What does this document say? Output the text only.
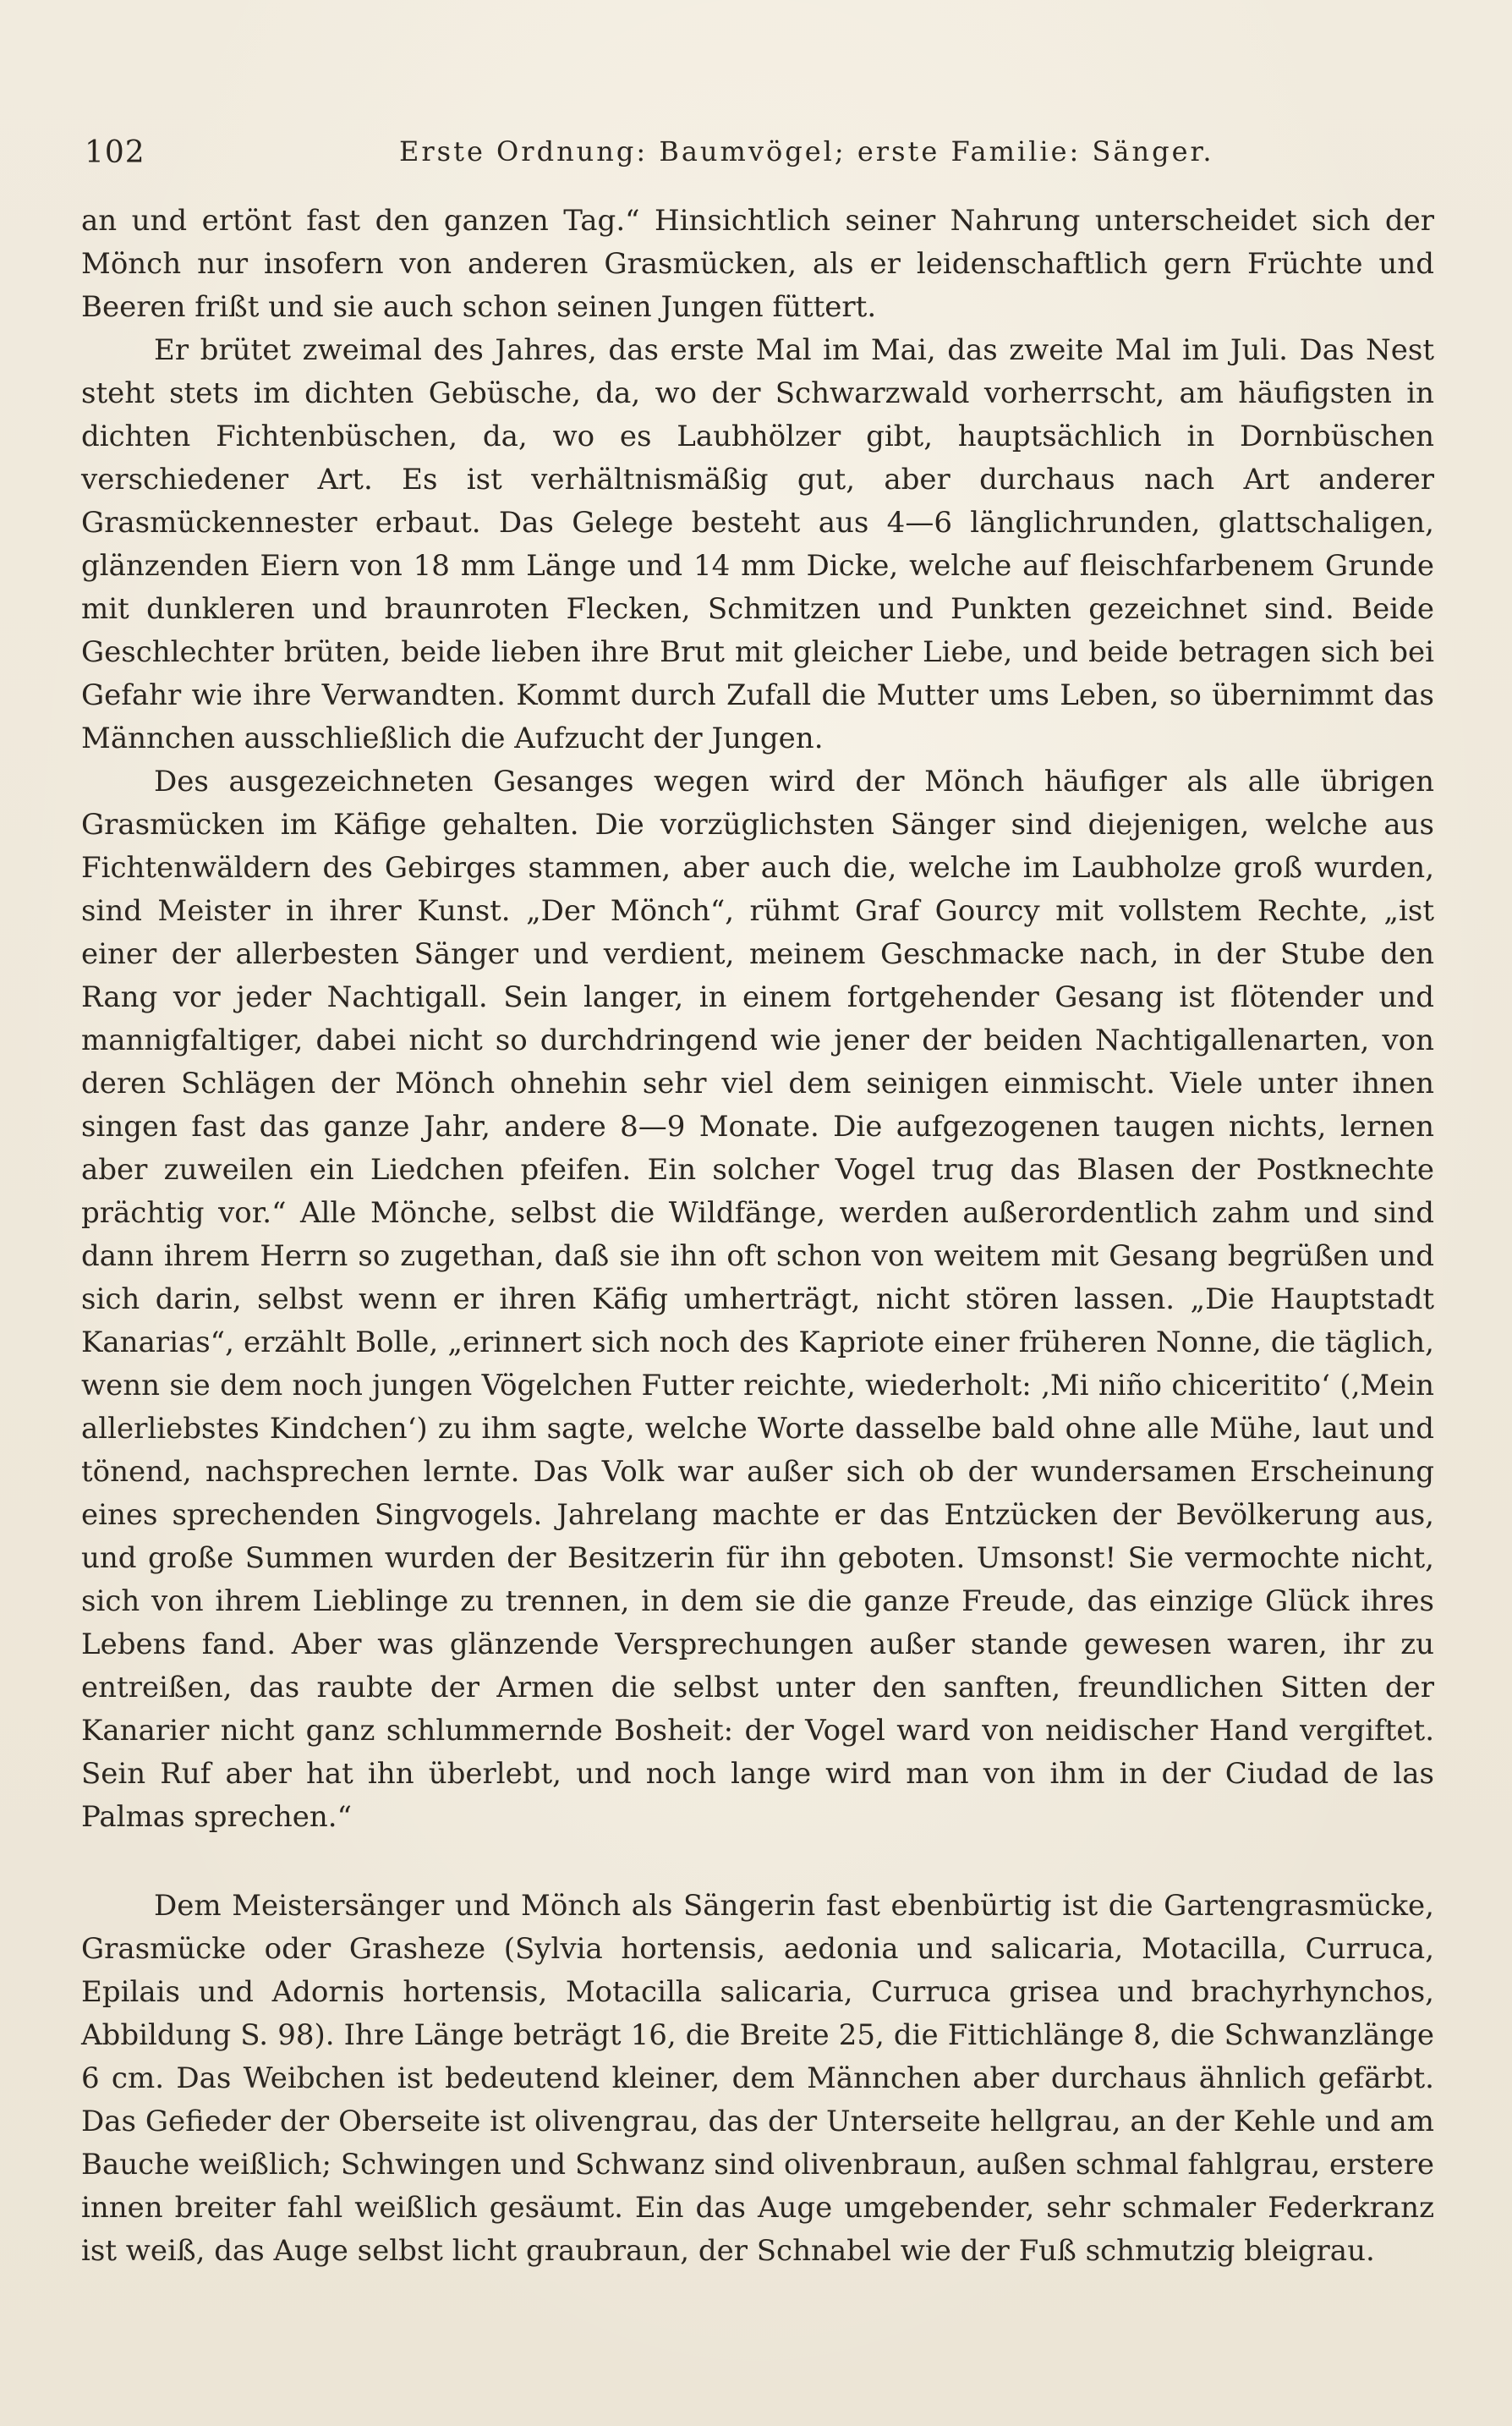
102	Erste Ordnung: Baumvögel; erste Familie: Sänger.

an und ertönt fast den ganzen Tag.“ Hinsichtlich seiner Nahrung unterscheidet sich der Mönch nur insofern von anderen Grasmücken, als er leidenschaftlich gern Früchte und Beeren frißt und sie auch schon seinen Jungen füttert.

Er brütet zweimal des Jahres, das erste Mal im Mai, das zweite Mal im Juli. Das Nest steht stets im dichten Gebüsche, da, wo der Schwarzwald vorherrscht, am häufigsten in dichten Fichtenbüschen, da, wo es Laubhölzer gibt, hauptsächlich in Dornbüschen verschiedener Art. Es ist verhältnismäßig gut, aber durchaus nach Art anderer Grasmückennester erbaut. Das Gelege besteht aus 4—6 länglichrunden, glattschaligen, glänzenden Eiern von 18 mm Länge und 14 mm Dicke, welche auf fleischfarbenem Grunde mit dunkleren und braunroten Flecken, Schmitzen und Punkten gezeichnet sind. Beide Geschlechter brüten, beide lieben ihre Brut mit gleicher Liebe, und beide betragen sich bei Gefahr wie ihre Verwandten. Kommt durch Zufall die Mutter ums Leben, so übernimmt das Männchen ausschließlich die Aufzucht der Jungen.

Des ausgezeichneten Gesanges wegen wird der Mönch häufiger als alle übrigen Grasmücken im Käfige gehalten. Die vorzüglichsten Sänger sind diejenigen, welche aus Fichtenwäldern des Gebirges stammen, aber auch die, welche im Laubholze groß wurden, sind Meister in ihrer Kunst. „Der Mönch“, rühmt Graf Gourcy mit vollstem Rechte, „ist einer der allerbesten Sänger und verdient, meinem Geschmacke nach, in der Stube den Rang vor jeder Nachtigall. Sein langer, in einem fortgehender Gesang ist flötender und mannigfaltiger, dabei nicht so durchdringend wie jener der beiden Nachtigallenarten, von deren Schlägen der Mönch ohnehin sehr viel dem seinigen einmischt. Viele unter ihnen singen fast das ganze Jahr, andere 8—9 Monate. Die aufgezogenen taugen nichts, lernen aber zuweilen ein Liedchen pfeifen. Ein solcher Vogel trug das Blasen der Postknechte prächtig vor.“ Alle Mönche, selbst die Wildfänge, werden außerordentlich zahm und sind dann ihrem Herrn so zugethan, daß sie ihn oft schon von weitem mit Gesang begrüßen und sich darin, selbst wenn er ihren Käfig umherträgt, nicht stören lassen. „Die Hauptstadt Kanarias“, erzählt Bolle, „erinnert sich noch des Kapriote einer früheren Nonne, die täglich, wenn sie dem noch jungen Vögelchen Futter reichte, wiederholt: ‚Mi niño chiceritito‘ (‚Mein allerliebstes Kindchen‘) zu ihm sagte, welche Worte dasselbe bald ohne alle Mühe, laut und tönend, nachsprechen lernte. Das Volk war außer sich ob der wundersamen Erscheinung eines sprechenden Singvogels. Jahrelang machte er das Entzücken der Bevölkerung aus, und große Summen wurden der Besitzerin für ihn geboten. Umsonst! Sie vermochte nicht, sich von ihrem Lieblinge zu trennen, in dem sie die ganze Freude, das einzige Glück ihres Lebens fand. Aber was glänzende Versprechungen außer stande gewesen waren, ihr zu entreißen, das raubte der Armen die selbst unter den sanften, freundlichen Sitten der Kanarier nicht ganz schlummernde Bosheit: der Vogel ward von neidischer Hand vergiftet. Sein Ruf aber hat ihn überlebt, und noch lange wird man von ihm in der Ciudad de las Palmas sprechen.“

Dem Meistersänger und Mönch als Sängerin fast ebenbürtig ist die Gartengrasmücke, Grasmücke oder Grasheze (Sylvia hortensis, aedonia und salicaria, Motacilla, Curruca, Epilais und Adornis hortensis, Motacilla salicaria, Curruca grisea und brachyrhynchos, Abbildung S. 98). Ihre Länge beträgt 16, die Breite 25, die Fittichlänge 8, die Schwanzlänge 6 cm. Das Weibchen ist bedeutend kleiner, dem Männchen aber durchaus ähnlich gefärbt. Das Gefieder der Oberseite ist olivengrau, das der Unterseite hellgrau, an der Kehle und am Bauche weißlich; Schwingen und Schwanz sind olivenbraun, außen schmal fahlgrau, erstere innen breiter fahl weißlich gesäumt. Ein das Auge umgebender, sehr schmaler Federkranz ist weiß, das Auge selbst licht graubraun, der Schnabel wie der Fuß schmutzig bleigrau.
